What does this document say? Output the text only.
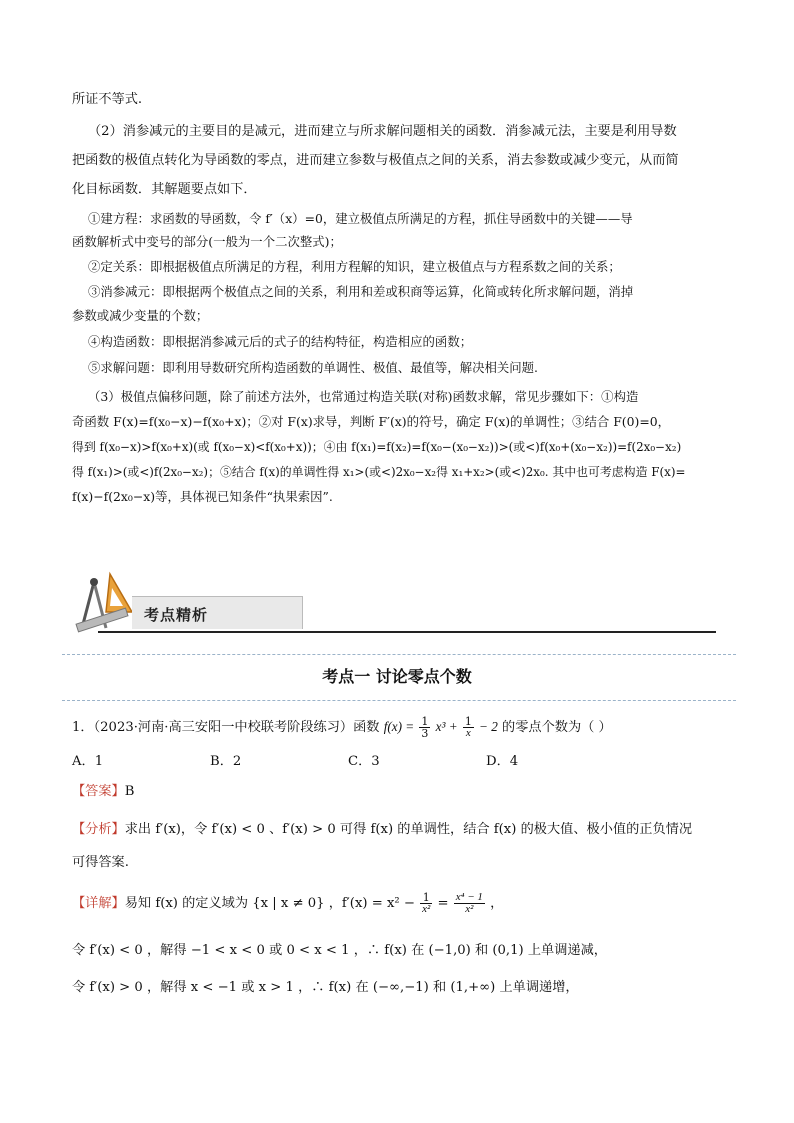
所证不等式.
（2）消参减元的主要目的是减元，进而建立与所求解问题相关的函数．消参减元法，主要是利用导数
把函数的极值点转化为导函数的零点，进而建立参数与极值点之间的关系，消去参数或减少变元，从而简
化目标函数．其解题要点如下．
①建方程：求函数的导函数，令 f′（x）=0，建立极值点所满足的方程，抓住导函数中的关键——导
函数解析式中变号的部分(一般为一个二次整式)；
②定关系：即根据极值点所满足的方程，利用方程解的知识，建立极值点与方程系数之间的关系；
③消参减元：即根据两个极值点之间的关系，利用和差或积商等运算，化简或转化所求解问题，消掉
参数或减少变量的个数；
④构造函数：即根据消参减元后的式子的结构特征，构造相应的函数；
⑤求解问题：即利用导数研究所构造函数的单调性、极值、最值等，解决相关问题.
（3）极值点偏移问题，除了前述方法外，也常通过构造关联(对称)函数求解，常见步骤如下：①构造
奇函数 F(x)=f(x₀−x)−f(x₀+x)；②对 F(x)求导，判断 F′(x)的符号，确定 F(x)的单调性；③结合 F(0)=0，
得到 f(x₀−x)>f(x₀+x)(或 f(x₀−x)<f(x₀+x))；④由 f(x₁)=f(x₂)=f(x₀−(x₀−x₂))>(或<)f(x₀+(x₀−x₂))=f(2x₀−x₂)
得 f(x₁)>(或<)f(2x₀−x₂)；⑤结合 f(x)的单调性得 x₁>(或<)2x₀−x₂得 x₁+x₂>(或<)2x₀. 其中也可考虑构造 F(x)=
f(x)−f(2x₀−x)等，具体视已知条件“执果索因”.
考点精析
考点一 讨论零点个数
1．（2023·河南·高三安阳一中校联考阶段练习）函数 $f(x) = \frac{1}{3} x^3 + \frac{1}{x} - 2$ 的零点个数为（ ）
A．1	B．2	C．3	D．4
【答案】B
【分析】求出 f′(x)，令 f′(x) < 0 、f′(x) > 0 可得 f(x) 的单调性，结合 f(x) 的极大值、极小值的正负情况
可得答案.
【详解】易知 f(x) 的定义域为 {x | x ≠ 0} ，$f'(x) = x^2 - \frac{1}{\text{x²}} = \frac{\text{x⁴ − 1}}{\text{x²}}$ ，
令 f′(x) < 0 ，解得 −1 < x < 0 或 0 < x < 1 ，∴ f(x) 在 (−1,0) 和 (0,1) 上单调递减，
令 f′(x) > 0 ，解得 x < −1 或 x > 1 ，∴ f(x) 在 (−∞,−1) 和 (1,+∞) 上单调递增，
